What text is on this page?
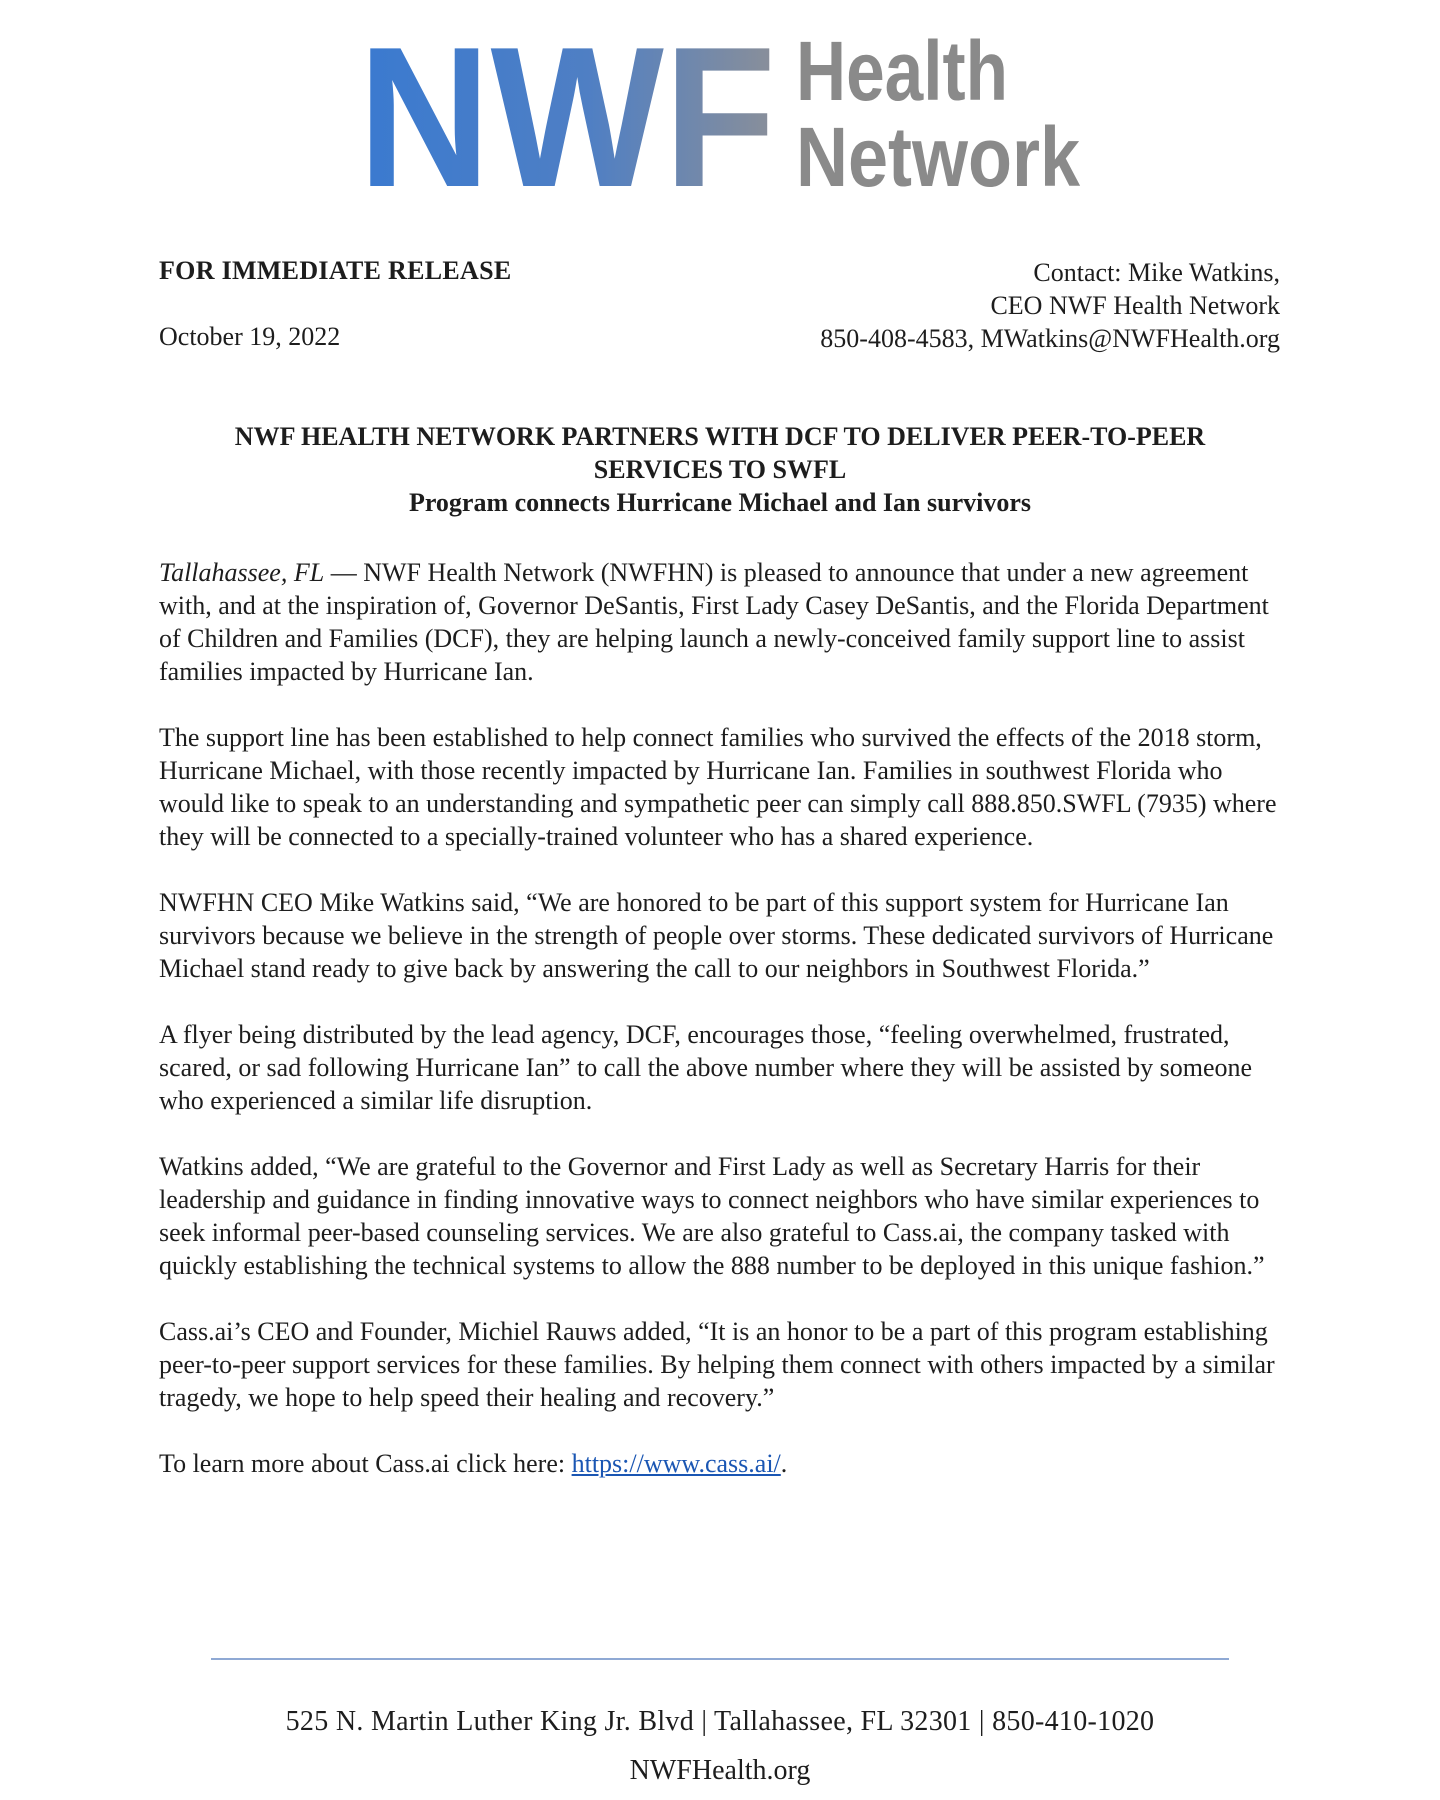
NWF Health
Network
FOR IMMEDIATE RELEASE
October 19, 2022
Contact: Mike Watkins,
CEO NWF Health Network
850-408-4583, MWatkins@NWFHealth.org
NWF HEALTH NETWORK PARTNERS WITH DCF TO DELIVER PEER-TO-PEER
SERVICES TO SWFL
Program connects Hurricane Michael and Ian survivors

Tallahassee, FL — NWF Health Network (NWFHN) is pleased to announce that under a new agreement with, and at the inspiration of, Governor DeSantis, First Lady Casey DeSantis, and the Florida Department of Children and Families (DCF), they are helping launch a newly-conceived family support line to assist families impacted by Hurricane Ian.

The support line has been established to help connect families who survived the effects of the 2018 storm, Hurricane Michael, with those recently impacted by Hurricane Ian. Families in southwest Florida who would like to speak to an understanding and sympathetic peer can simply call 888.850.SWFL (7935) where they will be connected to a specially-trained volunteer who has a shared experience.

NWFHN CEO Mike Watkins said, “We are honored to be part of this support system for Hurricane Ian survivors because we believe in the strength of people over storms. These dedicated survivors of Hurricane Michael stand ready to give back by answering the call to our neighbors in Southwest Florida.”

A flyer being distributed by the lead agency, DCF, encourages those, “feeling overwhelmed, frustrated, scared, or sad following Hurricane Ian” to call the above number where they will be assisted by someone who experienced a similar life disruption.

Watkins added, “We are grateful to the Governor and First Lady as well as Secretary Harris for their leadership and guidance in finding innovative ways to connect neighbors who have similar experiences to seek informal peer-based counseling services. We are also grateful to Cass.ai, the company tasked with quickly establishing the technical systems to allow the 888 number to be deployed in this unique fashion.”

Cass.ai’s CEO and Founder, Michiel Rauws added, “It is an honor to be a part of this program establishing peer-to-peer support services for these families. By helping them connect with others impacted by a similar tragedy, we hope to help speed their healing and recovery.”

To learn more about Cass.ai click here: https://www.cass.ai/.

525 N. Martin Luther King Jr. Blvd | Tallahassee, FL 32301 | 850-410-1020
NWFHealth.org
